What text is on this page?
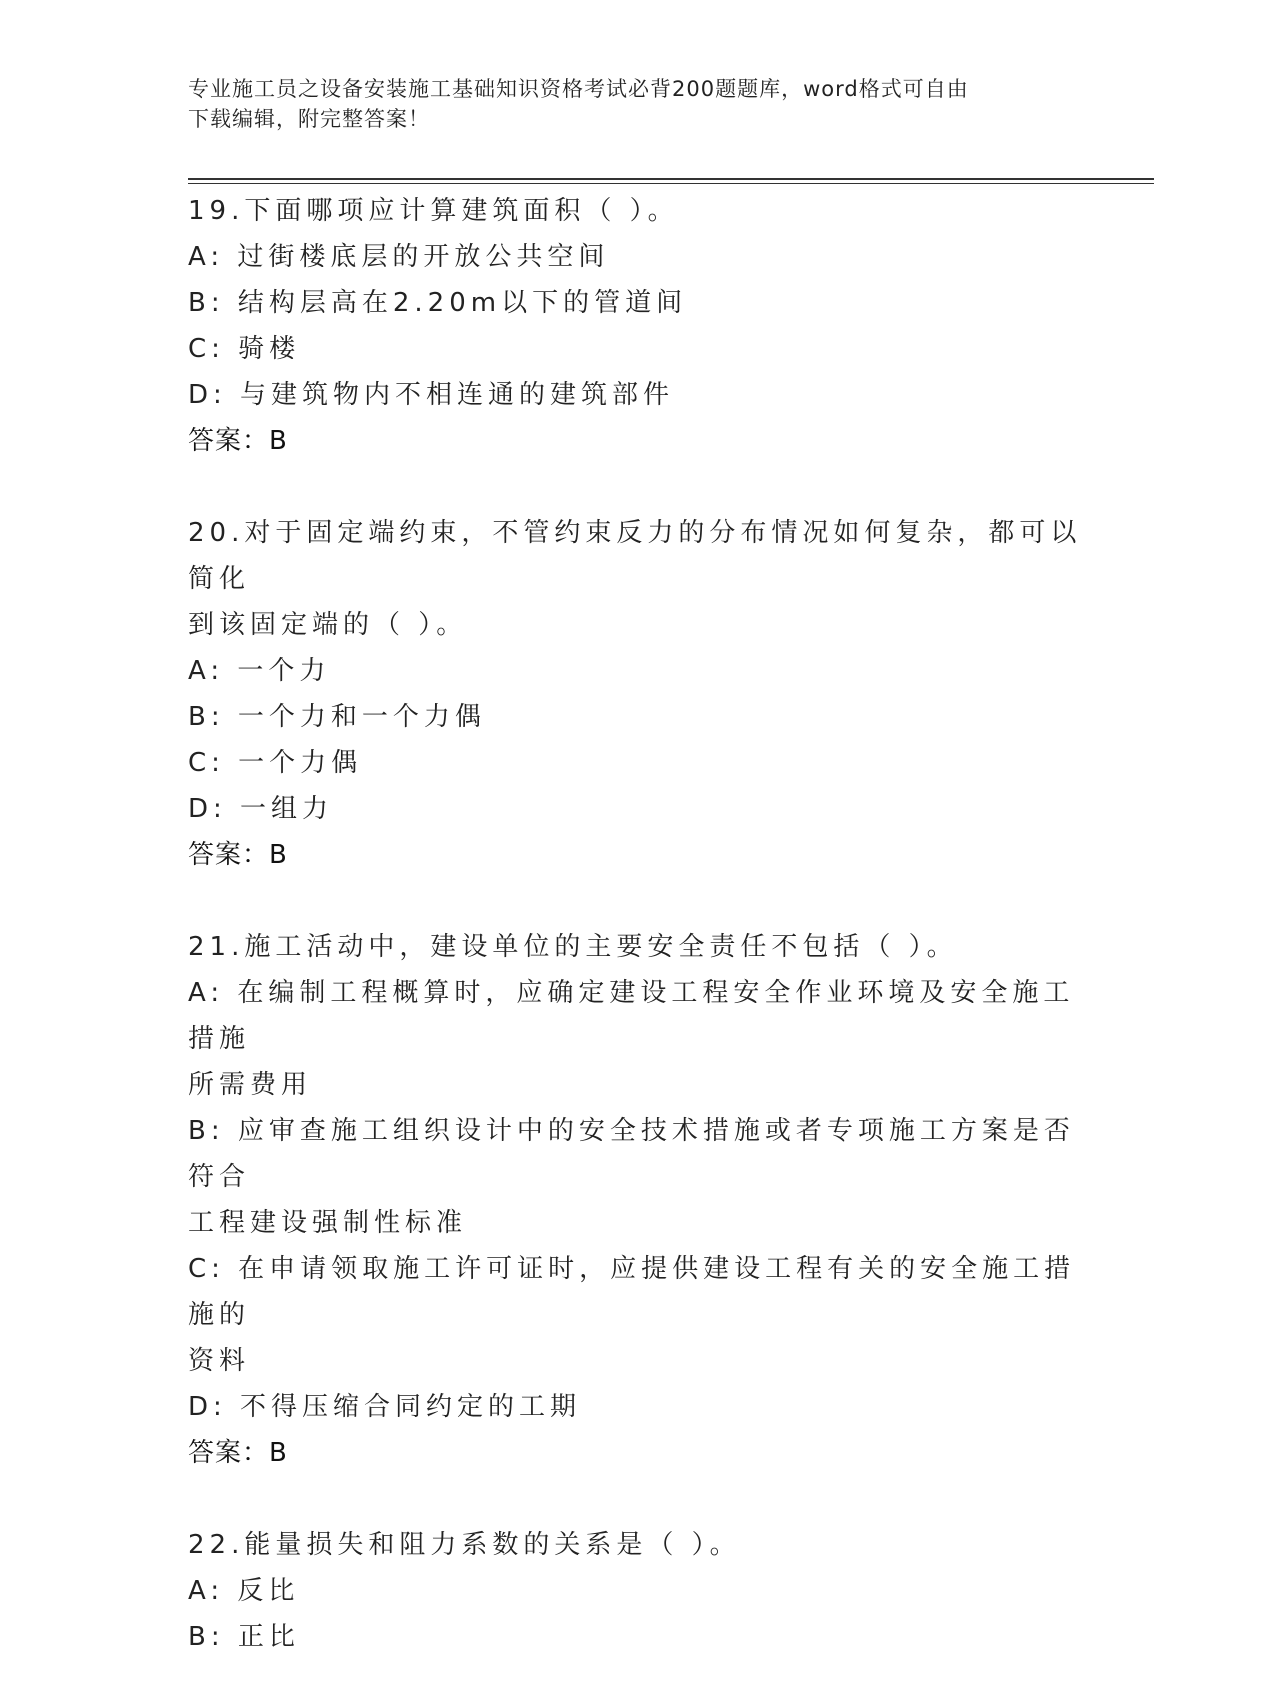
专业施工员之设备安装施工基础知识资格考试必背200题题库，word格式可自由
下载编辑，附完整答案！
19.下面哪项应计算建筑面积（ ）。
A: 过街楼底层的开放公共空间
B: 结构层高在2.20m以下的管道间
C: 骑楼
D: 与建筑物内不相连通的建筑部件
答案：B
20.对于固定端约束，不管约束反力的分布情况如何复杂，都可以简化
到该固定端的（ ）。
A: 一个力
B: 一个力和一个力偶
C: 一个力偶
D: 一组力
答案：B
21.施工活动中，建设单位的主要安全责任不包括（ ）。
A: 在编制工程概算时，应确定建设工程安全作业环境及安全施工措施
所需费用
B: 应审查施工组织设计中的安全技术措施或者专项施工方案是否符合
工程建设强制性标准
C: 在申请领取施工许可证时，应提供建设工程有关的安全施工措施的
资料
D: 不得压缩合同约定的工期
答案：B
22.能量损失和阻力系数的关系是（ ）。
A: 反比
B: 正比
